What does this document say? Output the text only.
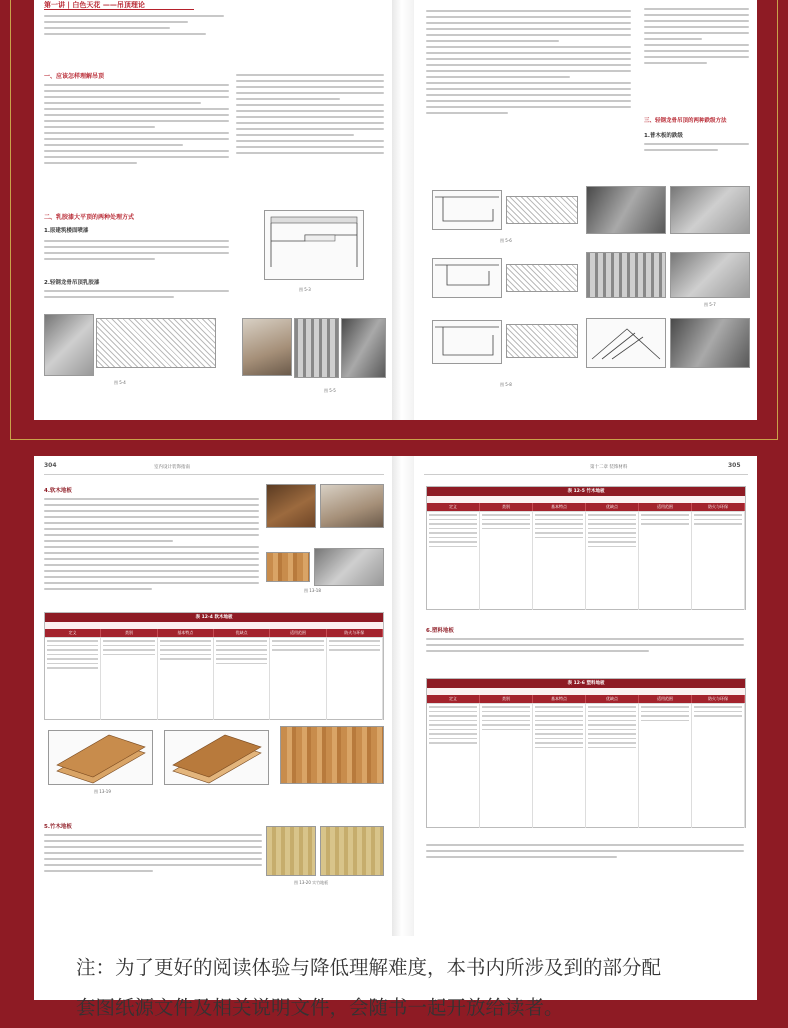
第一讲 | 白色天花 ——吊顶理论
一、应该怎样理解吊顶
二、乳胶漆大平顶的两种处理方式
1.原建筑楼面喷漆
2.轻钢龙骨吊顶乳胶漆
图 5-3
图 5-4
图 5-5
三、轻钢龙骨吊顶的两种跌级方法
1.普木板的跌级
图 5-6
图 5-7
图 5-8
304	室内设计装饰指南
4.软木地板
图 13-18
表 12-4 软木地板
定义	类别	基本特点	优缺点	适用范围	防火与环保
图 13-19
5.竹木地板
图 13-20 实竹地板
第十二章 装饰材料	305
表 12-5 竹木地板
定义	类别	基本特点	优缺点	适用范围	防火与环保
6.塑料地板
表 12-6 塑料地板
定义	类别	基本特点	优缺点	适用范围	防火与环保
注：为了更好的阅读体验与降低理解难度，本书内所涉及到的部分配
套图纸源文件及相关说明文件，会随书一起开放给读者。
